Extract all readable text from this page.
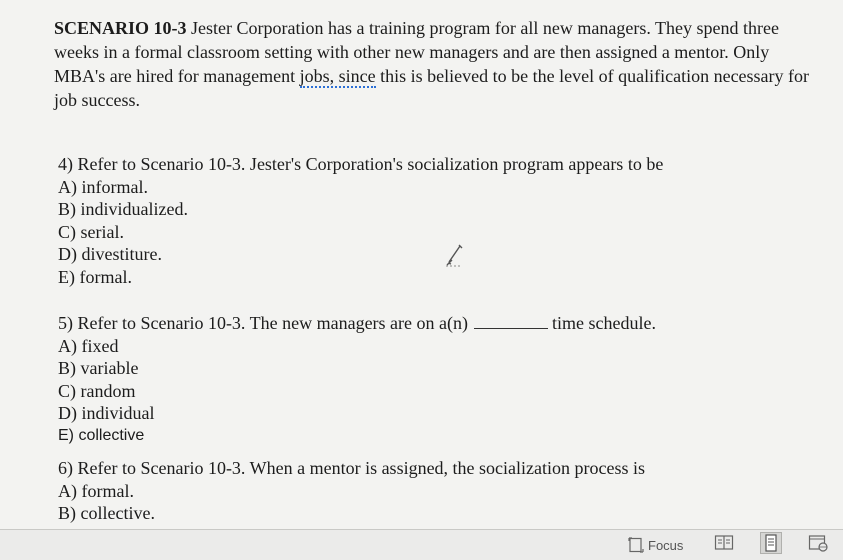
SCENARIO 10-3 Jester Corporation has a training program for all new managers. They spend three weeks in a formal classroom setting with other new managers and are then assigned a mentor. Only MBA's are hired for management jobs, since this is believed to be the level of qualification necessary for job success.
4) Refer to Scenario 10-3. Jester's Corporation's socialization program appears to be
A) informal.
B) individualized.
C) serial.
D) divestiture.
E) formal.
5) Refer to Scenario 10-3. The new managers are on a(n)	time schedule.
A) fixed
B) variable
C) random
D) individual
E) collective
6) Refer to Scenario 10-3. When a mentor is assigned, the socialization process is
A) formal.
B) collective.
Focus
